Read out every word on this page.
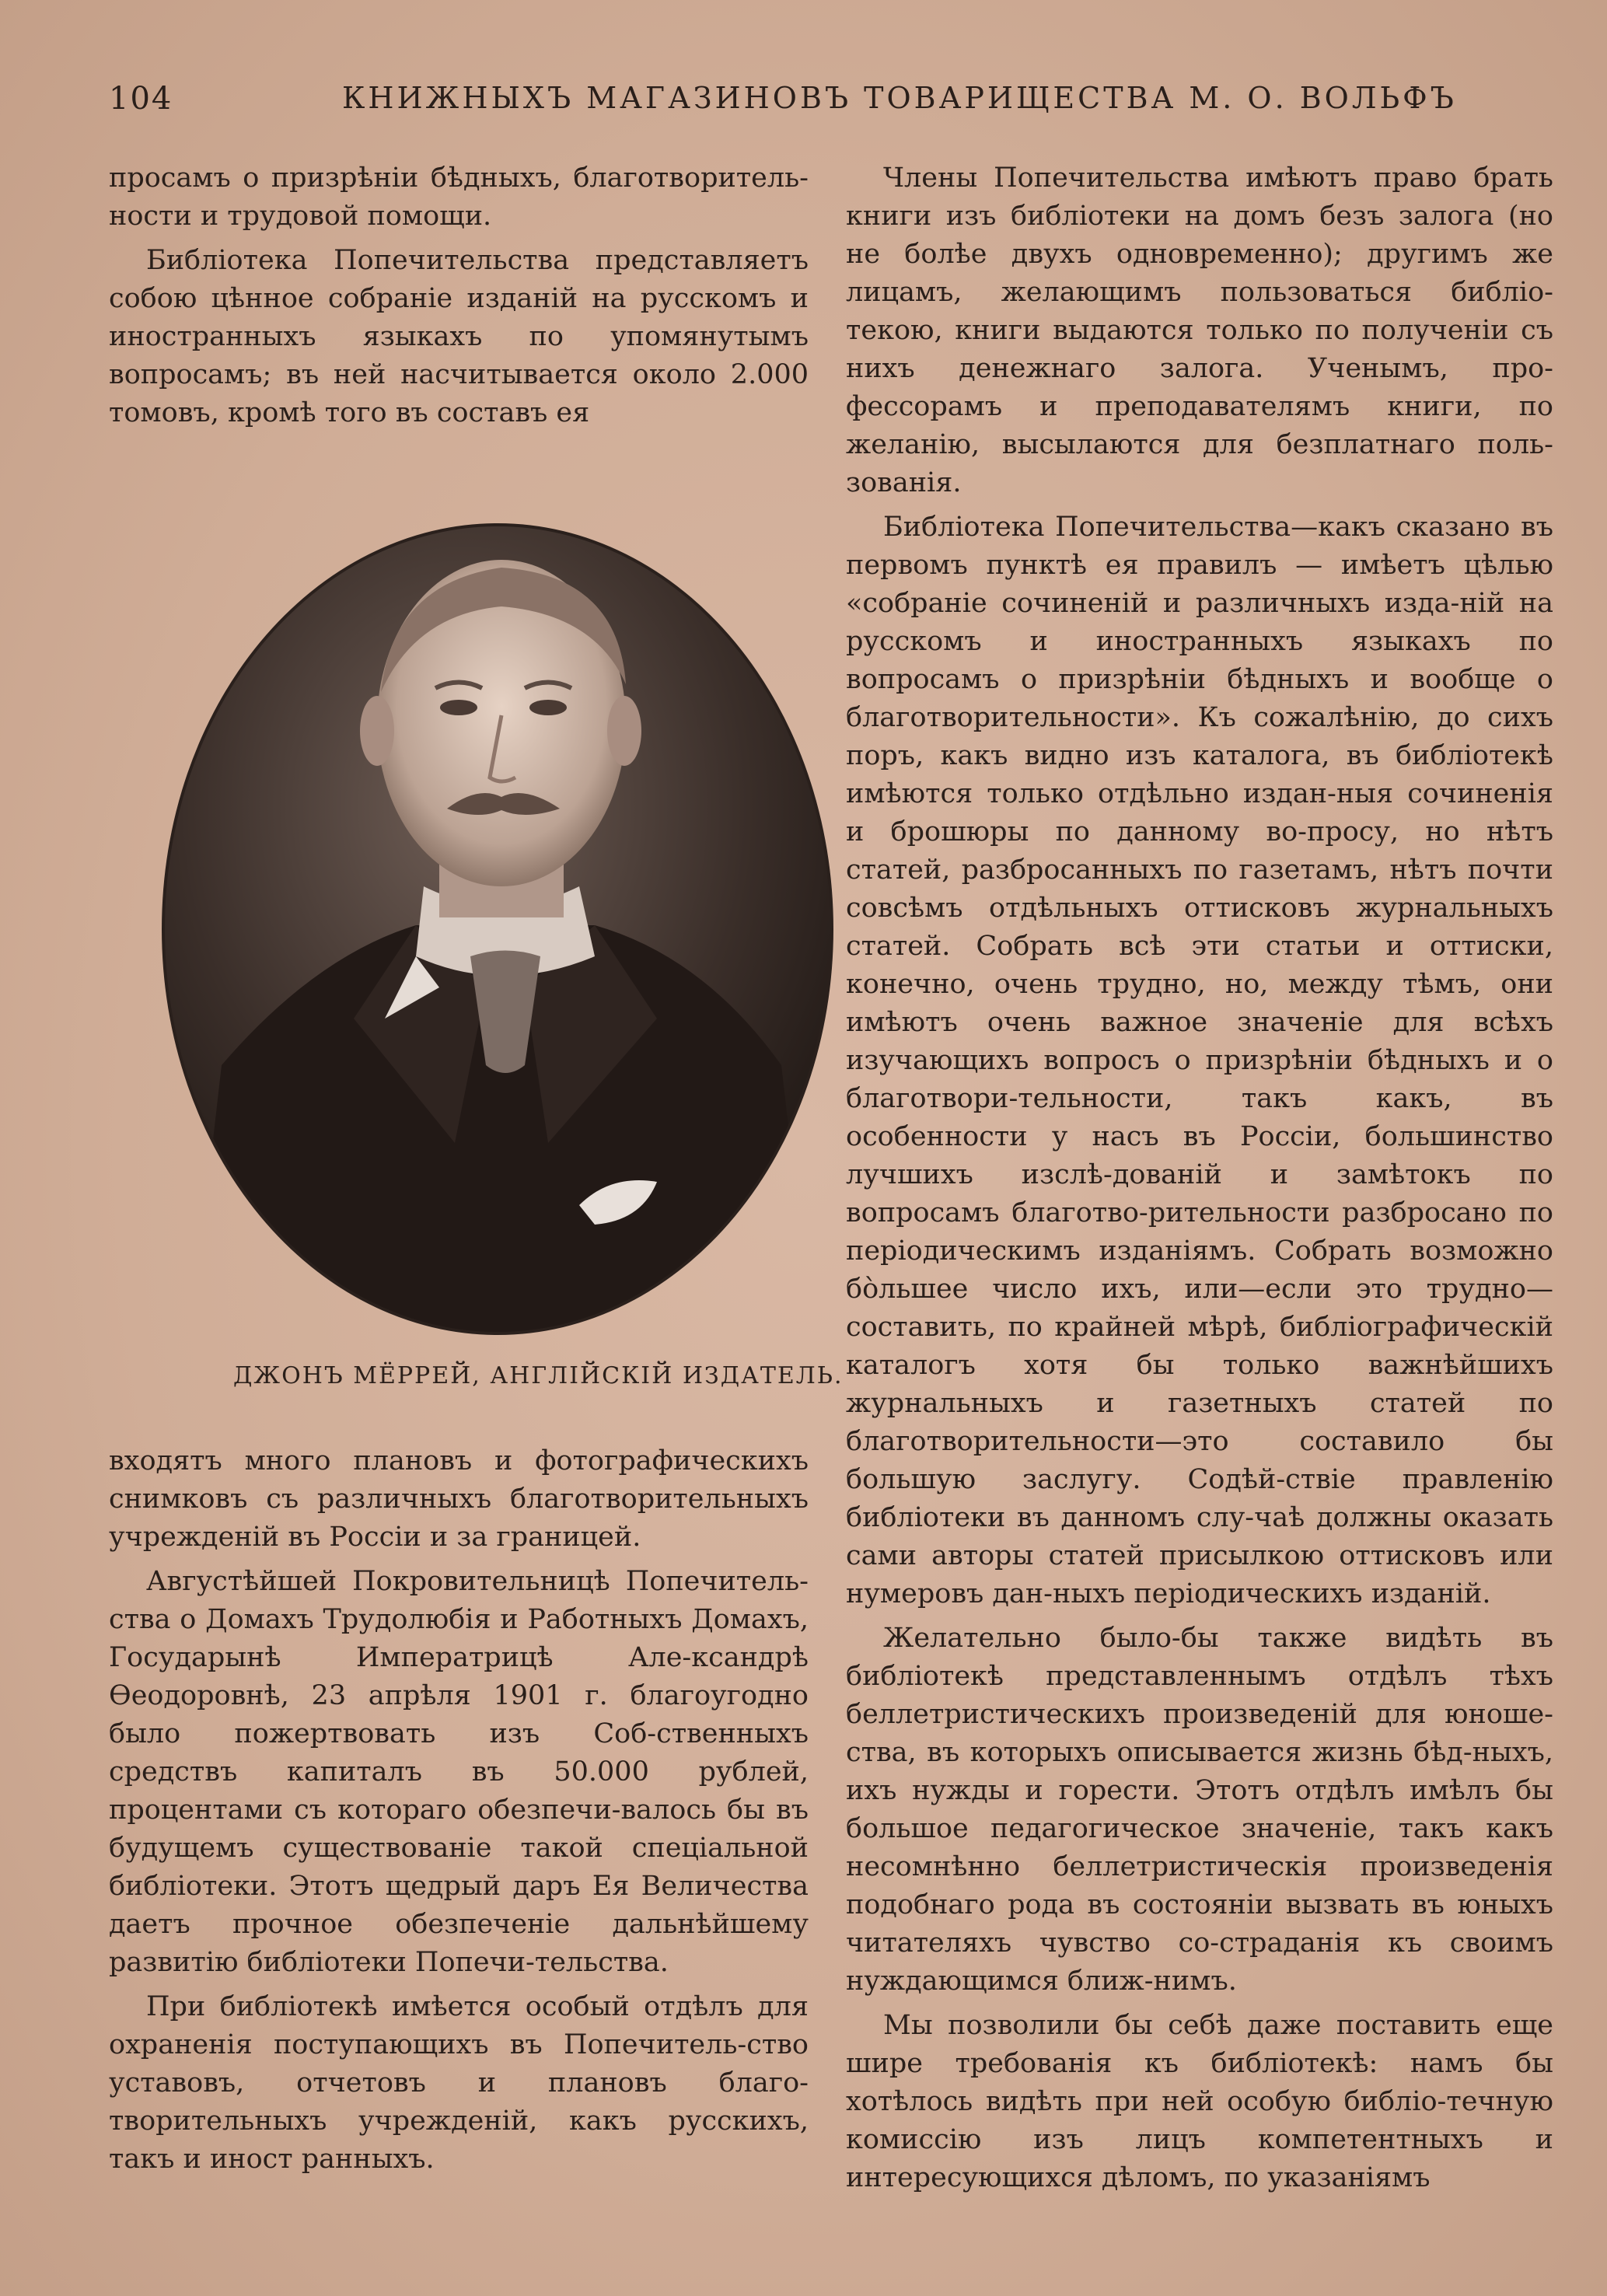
104	КНИЖНЫХЪ МАГАЗИНОВЪ ТОВАРИЩЕСТВА М. О. ВОЛЬФЪ

просамъ о призрѣнiи бѣдныхъ, благотворитель-ности и трудовой помощи.

Библiотека Попечительства представляетъ собою цѣнное собранiе изданiй на русскомъ и иностранныхъ языкахъ по упомянутымъ вопросамъ; въ ней насчитывается около 2.000 томовъ, кромѣ того въ составъ ея

ДЖОНЪ МЁРРЕЙ, АНГЛIЙСКIЙ ИЗДАТЕЛЬ.

входятъ много плановъ и фотографическихъ снимковъ съ различныхъ благотворительныхъ учрежденiй въ Россiи и за границей.

Августѣйшей Покровительницѣ Попечитель-ства о Домахъ Трудолюбiя и Работныхъ Домахъ, Государынѣ Императрицѣ Але-ксандрѣ Ѳеодоровнѣ, 23 апрѣля 1901 г. благоугодно было пожертвовать изъ Соб-ственныхъ средствъ капиталъ въ 50.000 рублей, процентами съ котораго обезпечи-валось бы въ будущемъ существованiе такой спецiальной библiотеки. Этотъ щедрый даръ Ея Величества даетъ прочное обезпеченiе дальнѣйшему развитiю библiотеки Попечи-тельства.

При библiотекѣ имѣется особый отдѣлъ для охраненiя поступающихъ въ Попечитель-ство уставовъ, отчетовъ и плановъ благо-творительныхъ учрежденiй, какъ русскихъ, такъ и иност ранныхъ.

Члены Попечительства имѣютъ право брать книги изъ библiотеки на домъ безъ залога (но не болѣе двухъ одновременно); другимъ же лицамъ, желающимъ пользоваться библiо-текою, книги выдаются только по полученiи съ нихъ денежнаго залога. Ученымъ, про-фессорамъ и преподавателямъ книги, по желанiю, высылаются для безплатнаго поль-зованiя.

Библiотека Попечительства—какъ сказано въ первомъ пунктѣ ея правилъ — имѣетъ цѣлью «собранiе сочиненiй и различныхъ изда-нiй на русскомъ и иностранныхъ языкахъ по вопросамъ о призрѣнiи бѣдныхъ и вообще о благотворительности». Къ сожалѣнiю, до сихъ поръ, какъ видно изъ каталога, въ библiотекѣ имѣются только отдѣльно издан-ныя сочиненiя и брошюры по данному во-просу, но нѣтъ статей, разбросанныхъ по газетамъ, нѣтъ почти совсѣмъ отдѣльныхъ оттисковъ журнальныхъ статей. Собрать всѣ эти статьи и оттиски, конечно, очень трудно, но, между тѣмъ, они имѣютъ очень важное значенiе для всѣхъ изучающихъ вопросъ о призрѣнiи бѣдныхъ и о благотвори-тельности, такъ какъ, въ особенности у насъ въ Россiи, большинство лучшихъ изслѣ-дованiй и замѣтокъ по вопросамъ благотво-рительности разбросано по перiодическимъ изданiямъ. Собрать возможно бòльшее число ихъ, или—если это трудно—составить, по крайней мѣрѣ, библiографическiй каталогъ хотя бы только важнѣйшихъ журнальныхъ и газетныхъ статей по благотворительности—это составило бы большую заслугу. Содѣй-ствiе правленiю библiотеки въ данномъ слу-чаѣ должны оказать сами авторы статей присылкою оттисковъ или нумеровъ дан-ныхъ перiодическихъ изданiй.

Желательно было-бы также видѣть въ библiотекѣ представленнымъ отдѣлъ тѣхъ беллетристическихъ произведенiй для юноше-ства, въ которыхъ описывается жизнь бѣд-ныхъ, ихъ нужды и горести. Этотъ отдѣлъ имѣлъ бы большое педагогическое значенiе, такъ какъ несомнѣнно беллетристическiя произведенiя подобнаго рода въ состоянiи вызвать въ юныхъ читателяхъ чувство со-страданiя къ своимъ нуждающимся ближ-нимъ.

Мы позволили бы себѣ даже поставить еще шире требованiя къ библiотекѣ: намъ бы хотѣлось видѣть при ней особую библiо-течную комиссiю изъ лицъ компетентныхъ и интересующихся дѣломъ, по указанiямъ
